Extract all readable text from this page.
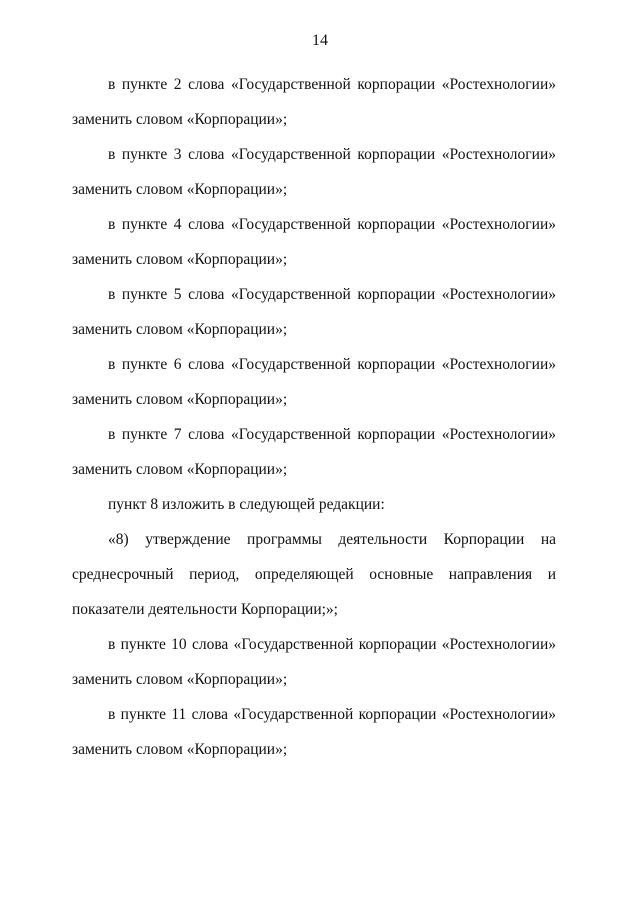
14

в пункте 2 слова «Государственной корпорации «Ростехнологии»
заменить словом «Корпорации»;

в пункте 3 слова «Государственной корпорации «Ростехнологии»
заменить словом «Корпорации»;

в пункте 4 слова «Государственной корпорации «Ростехнологии»
заменить словом «Корпорации»;

в пункте 5 слова «Государственной корпорации «Ростехнологии»
заменить словом «Корпорации»;

в пункте 6 слова «Государственной корпорации «Ростехнологии»
заменить словом «Корпорации»;

в пункте 7 слова «Государственной корпорации «Ростехнологии»
заменить словом «Корпорации»;

пункт 8 изложить в следующей редакции:

«8) утверждение программы деятельности Корпорации на
среднесрочный период, определяющей основные направления и
показатели деятельности Корпорации;»;

в пункте 10 слова «Государственной корпорации «Ростехнологии»
заменить словом «Корпорации»;

в пункте 11 слова «Государственной корпорации «Ростехнологии»
заменить словом «Корпорации»;
